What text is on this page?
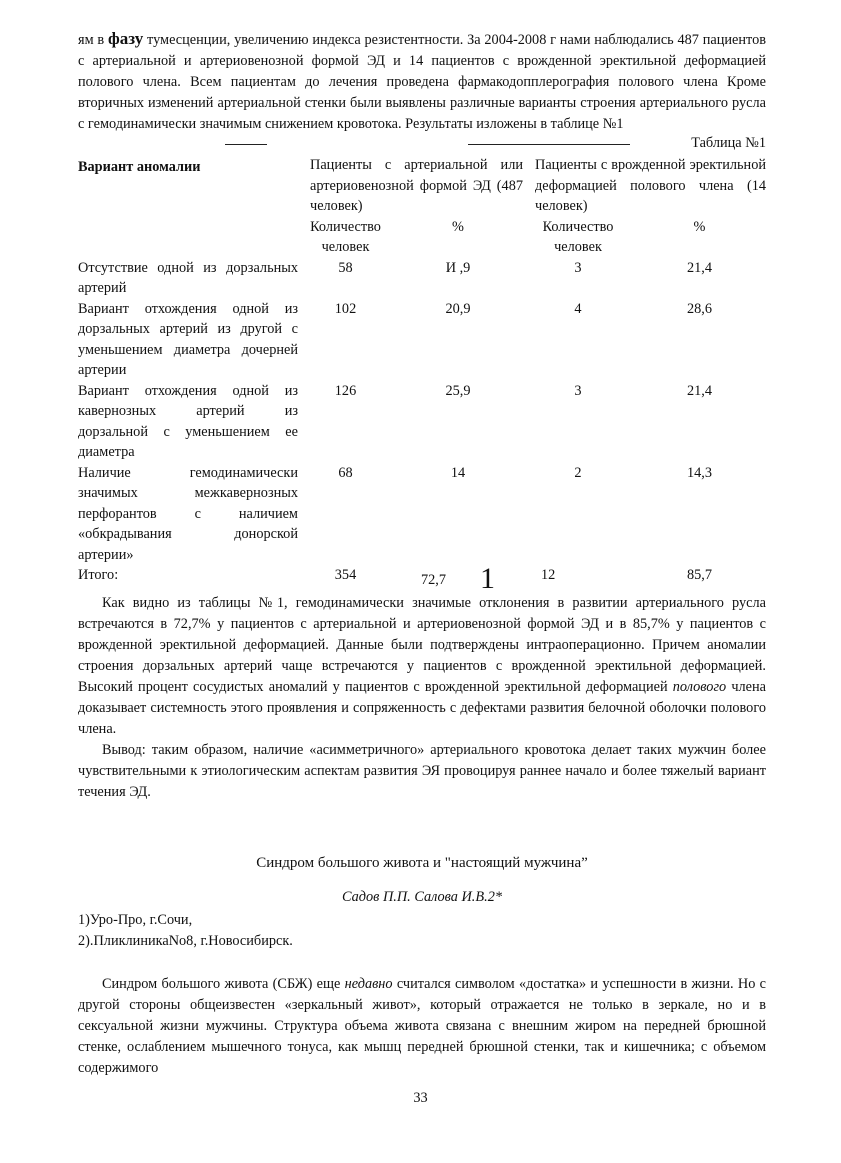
ям в фазу тумесценции, увеличению индекса резистентности. За 2004-2008 г нами наблюдались 487 пациентов с артериальной и артериовенозной формой ЭД и 14 пациентов с врожденной эректильной деформацией полового члена. Всем пациентам до лечения проведена фармакодопплерография полового члена Кроме вторичных изменений артериальной стенки были выявлены различные варианты строения артериального русла с гемодинамически значимым снижением кровотока. Результаты изложены в таблице №1

Таблица №1
Вариант аномалии	Пациенты с артериальной или артериовенозной формой ЭД (487 человек)		Пациенты с врожденной эректильной деформацией полового члена (14 человек)	
	Количество человек	%	Количество человек	%
Отсутствие одной из дорзальных артерий	58	И ,9	3	21,4
Вариант отхождения одной из дорзальных артерий из другой с уменьшением диаметра дочерней артерии	102	20,9	4	28,6
Вариант отхождения одной из кавернозных артерий из дорзальной с уменьшением ее диаметра	126	25,9	3	21,4
Наличие гемодинамически значимых межкавернозных перфорантов с наличием «обкрадывания донорской артерии»	68	14	2	14,3
Итого:	354	72,7 1	12	85,7

Как видно из таблицы №1, гемодинамически значимые отклонения в развитии артериального русла встречаются в 72,7% у пациентов с артериальной и артериовенозной формой ЭД и в 85,7% у пациентов с врожденной эректильной деформацией. Данные были подтверждены интраоперационно. Причем аномалии строения дорзальных артерий чаще встречаются у пациентов с врожденной эректильной деформацией. Высокий процент сосудистых аномалий у пациентов с врожденной эректильной деформацией полового члена доказывает системность этого проявления и сопряженность с дефектами развития белочной оболочки полового члена.

Вывод: таким образом, наличие «асимметричного» артериального кровотока делает таких мужчин более чувствительными к этиологическим аспектам развития ЭЯ провоцируя раннее начало и более тяжелый вариант течения ЭД.

Синдром большого живота и "настоящий мужчина”
Садов П.П. Салова И.В.2*

1)Уро-Про, г.Сочи,

2).ПликлиникаNo8, г.Новосибирск.

Синдром большого живота (СБЖ) еще недавно считался символом «достатка» и успешности в жизни. Но с другой стороны общеизвестен «зеркальный живот», который отражается не только в зеркале, но и в сексуальной жизни мужчины. Структура объема живота связана с внешним жиром на передней брюшной стенке, ослаблением мышечного тонуса, как мышц передней брюшной стенки, так и кишечника; с объемом содержимого

33
